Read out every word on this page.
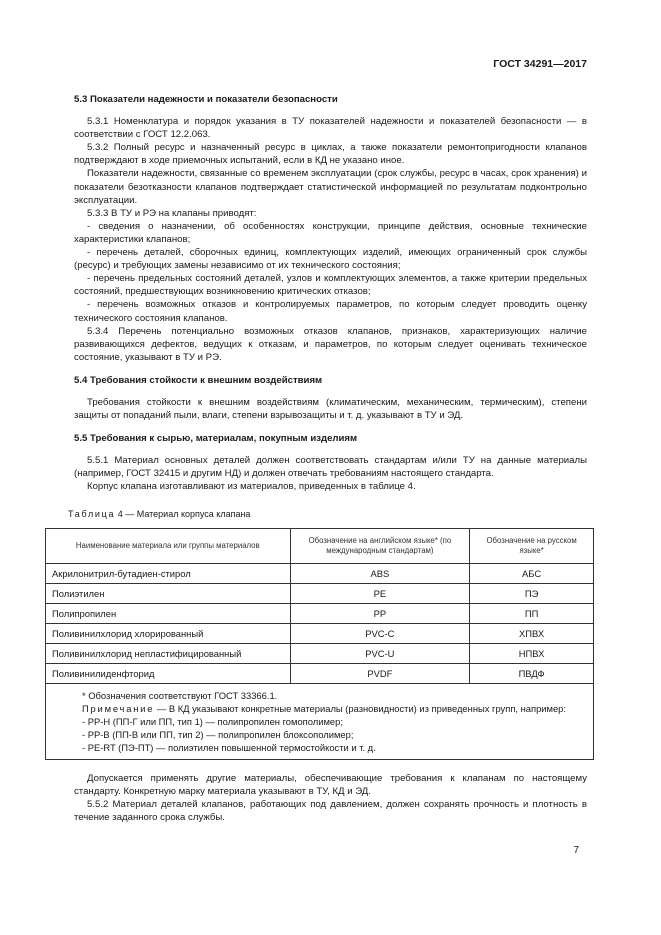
ГОСТ 34291—2017
5.3 Показатели надежности и показатели безопасности

5.3.1 Номенклатура и порядок указания в ТУ показателей надежности и показателей безопасности — в соответствии с ГОСТ 12.2.063.

5.3.2 Полный ресурс и назначенный ресурс в циклах, а также показатели ремонтопригодности клапанов подтверждают в ходе приемочных испытаний, если в КД не указано иное.

Показатели надежности, связанные со временем эксплуатации (срок службы, ресурс в часах, срок хранения) и показатели безотказности клапанов подтверждает статистической информацией по результатам подконтрольно эксплуатации.

5.3.3 В ТУ и РЭ на клапаны приводят:

- сведения о назначении, об особенностях конструкции, принципе действия, основные технические характеристики клапанов;

- перечень деталей, сборочных единиц, комплектующих изделий, имеющих ограниченный срок службы (ресурс) и требующих замены независимо от их технического состояния;

- перечень предельных состояний деталей, узлов и комплектующих элементов, а также критерии предельных состояний, предшествующих возникновению критических отказов;

- перечень возможных отказов и контролируемых параметров, по которым следует проводить оценку технического состояния клапанов.

5.3.4 Перечень потенциально возможных отказов клапанов, признаков, характеризующих наличие развивающихся дефектов, ведущих к отказам, и параметров, по которым следует оценивать техническое состояние, указывают в ТУ и РЭ.

5.4 Требования стойкости к внешним воздействиям

Требования стойкости к внешним воздействиям (климатическим, механическим, термическим), степени защиты от попаданий пыли, влаги, степени взрывозащиты и т. д. указывают в ТУ и ЭД.

5.5 Требования к сырью, материалам, покупным изделиям

5.5.1 Материал основных деталей должен соответствовать стандартам и/или ТУ на данные материалы (например, ГОСТ 32415 и другим НД) и должен отвечать требованиям настоящего стандарта.

Корпус клапана изготавливают из материалов, приведенных в таблице 4.

Таблица 4 — Материал корпуса клапана
Наименование материала или группы материалов	Обозначение на английском языке* (по международным стандартам)	Обозначение на русском языке*
Акрилонитрил-бутадиен-стирол	ABS	АБС
Полиэтилен	PE	ПЭ
Полипропилен	PP	ПП
Поливинилхлорид хлорированный	PVC-C	ХПВХ
Поливинилхлорид непластифицированный	PVC-U	НПВХ
Поливинилиденфторид	PVDF	ПВДФ

* Обозначения соответствуют ГОСТ 33366.1.
Примечание — В КД указывают конкретные материалы (разновидности) из приведенных групп, например:
- PP-H (ПП-Г или ПП, тип 1) — полипропилен гомополимер;
- PP-B (ПП-В или ПП, тип 2) — полипропилен блоксополимер;
- PE-RT (ПЭ-ПТ) — полиэтилен повышенной термостойкости и т. д.		

Допускается применять другие материалы, обеспечивающие требования к клапанам по настоящему стандарту. Конкретную марку материала указывают в ТУ, КД и ЭД.

5.5.2 Материал деталей клапанов, работающих под давлением, должен сохранять прочность и плотность в течение заданного срока службы.

7
